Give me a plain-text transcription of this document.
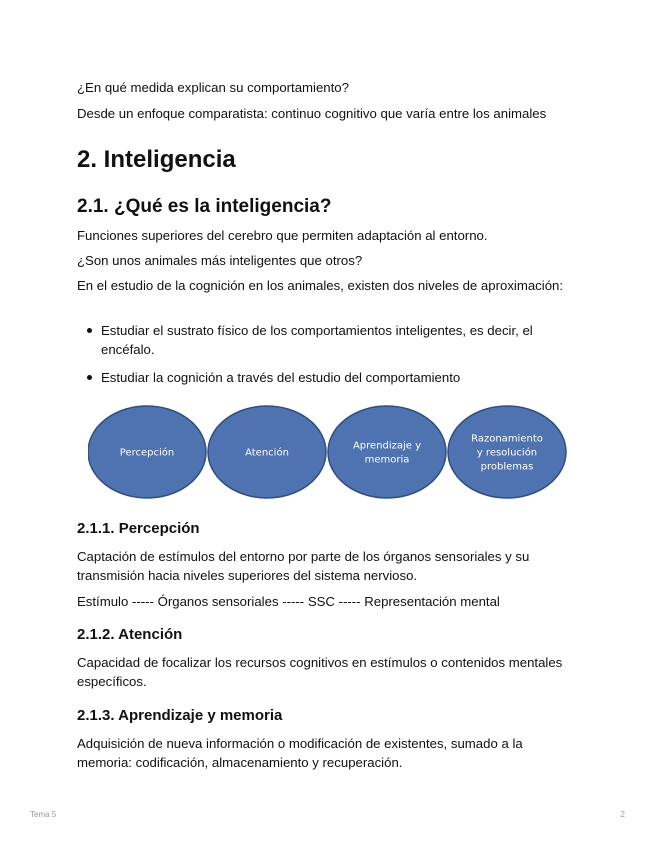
¿En qué medida explican su comportamiento?
Desde un enfoque comparatista: continuo cognitivo que varía entre los animales
2. Inteligencia
2.1. ¿Qué es la inteligencia?
Funciones superiores del cerebro que permiten adaptación al entorno.
¿Son unos animales más inteligentes que otros?
En el estudio de la cognición en los animales, existen dos niveles de aproximación:
Estudiar el sustrato físico de los comportamientos inteligentes, es decir, el encéfalo.
Estudiar la cognición a través del estudio del comportamiento
2.1.1. Percepción
Captación de estímulos del entorno por parte de los órganos sensoriales y su transmisión hacia niveles superiores del sistema nervioso.
Estímulo ----- Órganos sensoriales ----- SSC ----- Representación mental
2.1.2. Atención
Capacidad de focalizar los recursos cognitivos en estímulos o contenidos mentales específicos.
2.1.3. Aprendizaje y memoria
Adquisición de nueva información o modificación de existentes, sumado a la memoria: codificación, almacenamiento y recuperación.
Percepción	Atención
Aprendizaje y
memoria
Razonamiento
y resolución
problemas
Tema 5	2
